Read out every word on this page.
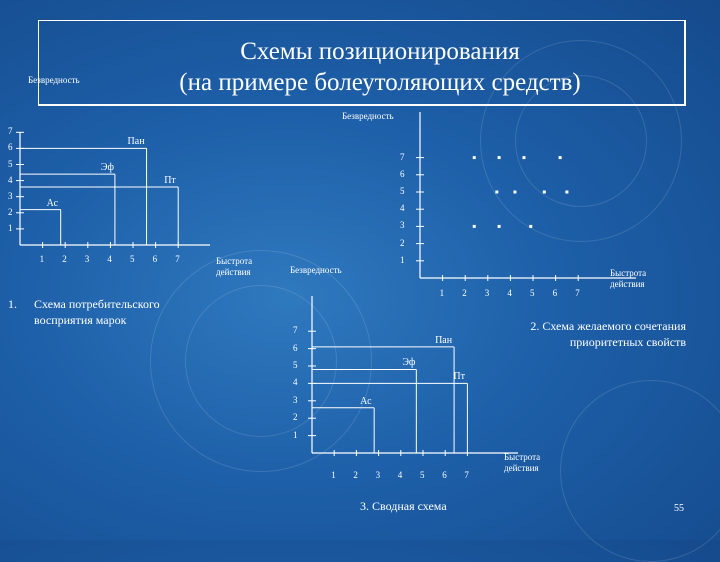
Схемы позиционирования
(на примере болеутоляющих средств)
Безвредность
Быстрота действия
1. Схема потребительского восприятия марок
Безвредность
Быстрота действия
2. Схема желаемого сочетания приоритетных свойств
Безвредность
Быстрота действия
3. Сводная схема	55
1
2
3
4
5
6
7
1 2 3 4 5 6 7
Пан
Эф
Пт
Ас
1
2
3
4
5
6
7
1 2 3 4 5 6 7
1
2
3
4
5
6
7
1 2 3 4 5 6 7
Пан
Эф
Пт
Ас
